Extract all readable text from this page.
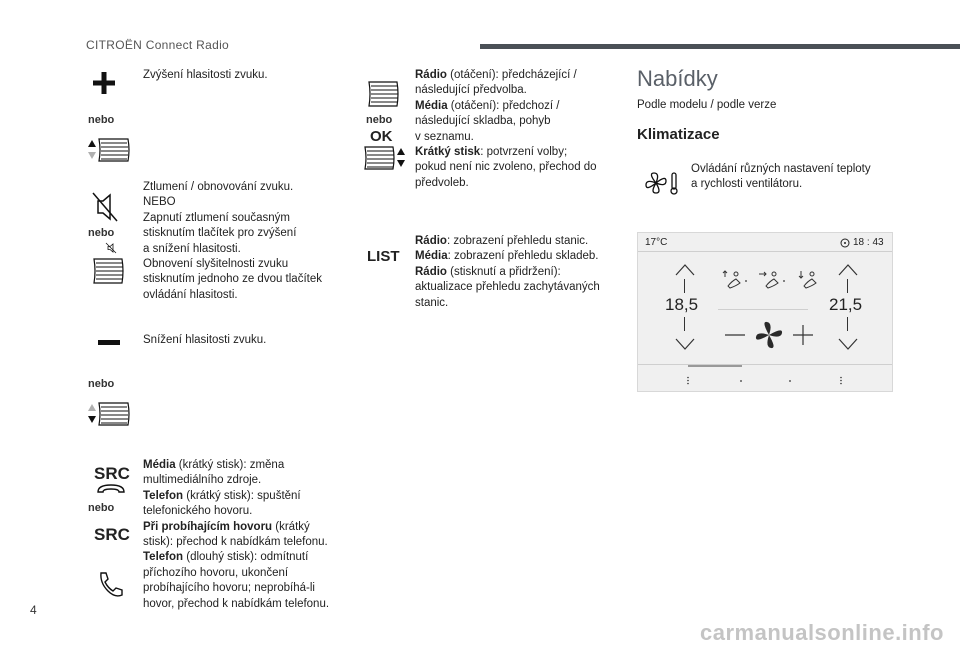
CITROËN Connect Radio
Zvýšení hlasitosti zvuku.
nebo
nebo
Ztlumení / obnovování zvuku.
NEBO
Zapnutí ztlumení současným
stisknutím tlačítek pro zvýšení
a snížení hlasitosti.
Obnovení slyšitelnosti zvuku
stisknutím jednoho ze dvou tlačítek
ovládání hlasitosti.
Snížení hlasitosti zvuku.
nebo
SRC
nebo
SRC
Média (krátký stisk): změna
multimediálního zdroje.
Telefon (krátký stisk): spuštění
telefonického hovoru.
Při probíhajícím hovoru (krátký
stisk): přechod k nabídkám telefonu.
Telefon (dlouhý stisk): odmítnutí
příchozího hovoru, ukončení
probíhajícího hovoru; neprobíhá-li
hovor, přechod k nabídkám telefonu.
nebo
OK
Rádio (otáčení): předcházející /
následující předvolba.
Média (otáčení): předchozí /
následující skladba, pohyb
v seznamu.
Krátký stisk: potvrzení volby;
pokud není nic zvoleno, přechod do
předvoleb.
LIST
Rádio: zobrazení přehledu stanic.
Média: zobrazení přehledu skladeb.
Rádio (stisknutí a přidržení):
aktualizace přehledu zachytávaných
stanic.
Nabídky
Podle modelu / podle verze
Klimatizace
Ovládání různých nastavení teploty
a rychlosti ventilátoru.
17°C	18 : 43
18,5	21,5
4
carmanualsonline.info
